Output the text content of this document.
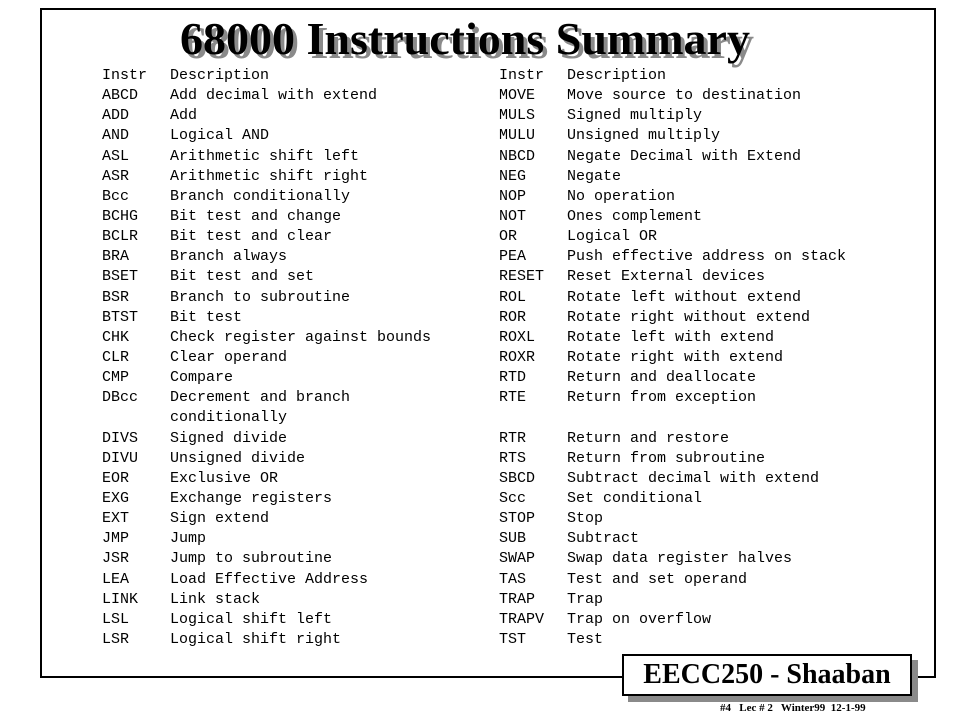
68000 Instructions Summary
Instr	Description
ABCD	Add decimal with extend
ADD	Add
AND	Logical AND
ASL	Arithmetic shift left
ASR	Arithmetic shift right
Bcc	Branch conditionally
BCHG	Bit test and change
BCLR	Bit test and clear
BRA	Branch always
BSET	Bit test and set
BSR	Branch to subroutine
BTST	Bit test
CHK	Check register against bounds
CLR	Clear operand
CMP	Compare
DBcc	Decrement and branch
conditionally
DIVS	Signed divide
DIVU	Unsigned divide
EOR	Exclusive OR
EXG	Exchange registers
EXT	Sign extend
JMP	Jump
JSR	Jump to subroutine
LEA	Load Effective Address
LINK	Link stack
LSL	Logical shift left
LSR	Logical shift right
Instr	Description
MOVE	Move source to destination
MULS	Signed multiply
MULU	Unsigned multiply
NBCD	Negate Decimal with Extend
NEG	Negate
NOP	No operation
NOT	Ones complement
OR	Logical OR
PEA	Push effective address on stack
RESET	Reset External devices
ROL	Rotate left without extend
ROR	Rotate right without extend
ROXL	Rotate left with extend
ROXR	Rotate right with extend
RTD	Return and deallocate
RTE	Return from exception
RTR	Return and restore
RTS	Return from subroutine
SBCD	Subtract decimal with extend
Scc	Set conditional
STOP	Stop
SUB	Subtract
SWAP	Swap data register halves
TAS	Test and set operand
TRAP	Trap
TRAPV	Trap on overflow
TST	Test
EECC250 - Shaaban
#4   Lec # 2   Winter99  12-1-99
